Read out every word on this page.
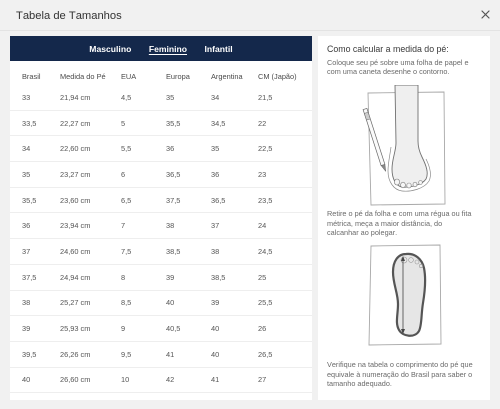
Tabela de Tamanhos
Masculino Feminino Infantil
Brasil	Medida do Pé	EUA	Europa	Argentina	CM (Japão)
33	21,94 cm	4,5	35	34	21,5
33,5	22,27 cm	5	35,5	34,5	22
34	22,60 cm	5,5	36	35	22,5
35	23,27 cm	6	36,5	36	23
35,5	23,60 cm	6,5	37,5	36,5	23,5
36	23,94 cm	7	38	37	24
37	24,60 cm	7,5	38,5	38	24,5
37,5	24,94 cm	8	39	38,5	25
38	25,27 cm	8,5	40	39	25,5
39	25,93 cm	9	40,5	40	26
39,5	26,26 cm	9,5	41	40	26,5
40	26,60 cm	10	42	41	27
Como calcular a medida do pé:
Coloque seu pé sobre uma folha de papel e com uma caneta desenhe o contorno.
Retire o pé da folha e com uma régua ou fita métrica, meça a maior distância, do calcanhar ao polegar.
Verifique na tabela o comprimento do pé que equivale à numeração do Brasil para saber o tamanho adequado.
